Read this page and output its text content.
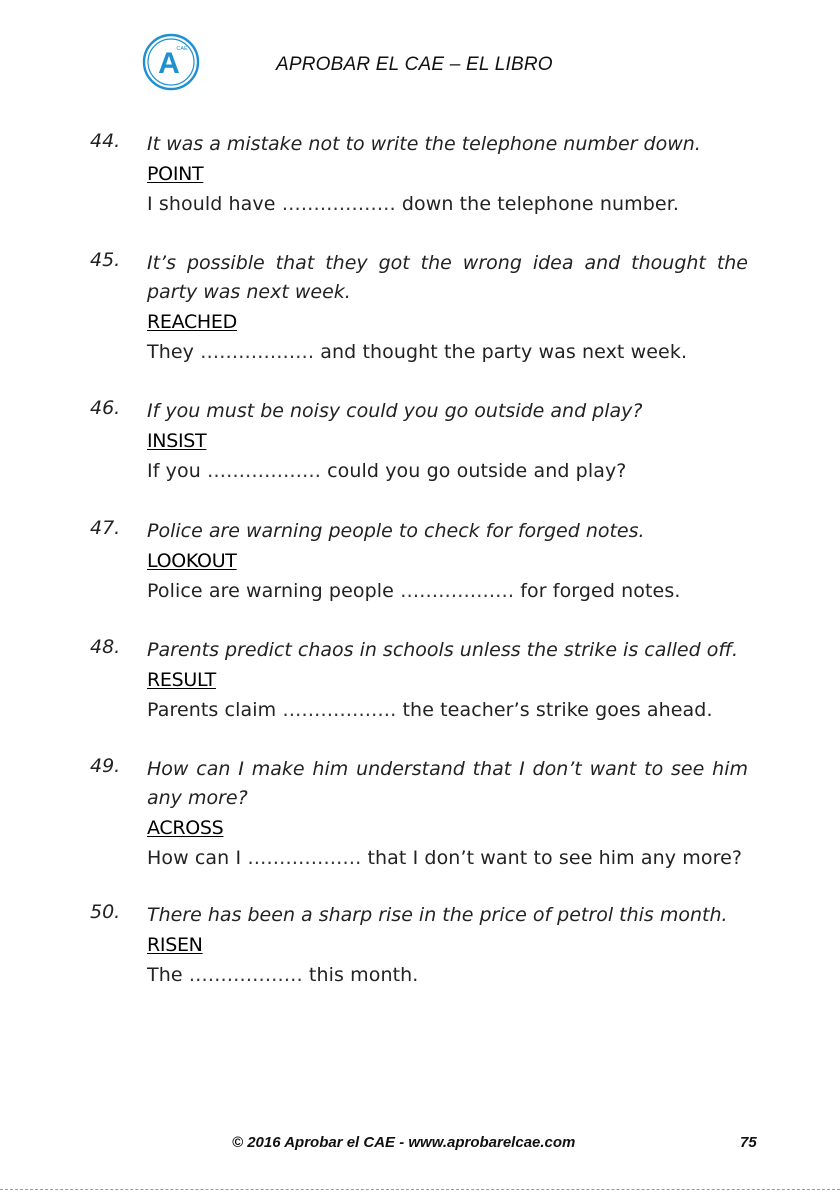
A
CAE
APROBAR EL CAE – EL LIBRO
44. It was a mistake not to write the telephone number down.
POINT
I should have ……………… down the telephone number.
45. It’s possible that they got the wrong idea and thought the party was next week.
REACHED
They ……………… and thought the party was next week.
46. If you must be noisy could you go outside and play?
INSIST
If you ……………… could you go outside and play?
47. Police are warning people to check for forged notes.
LOOKOUT
Police are warning people ……………… for forged notes.
48. Parents predict chaos in schools unless the strike is called off.
RESULT
Parents claim ……………… the teacher’s strike goes ahead.
49. How can I make him understand that I don’t want to see him any more?
ACROSS
How can I ……………… that I don’t want to see him any more?
50. There has been a sharp rise in the price of petrol this month.
RISEN
The ……………… this month.
© 2016 Aprobar el CAE - www.aprobarelcae.com	75
